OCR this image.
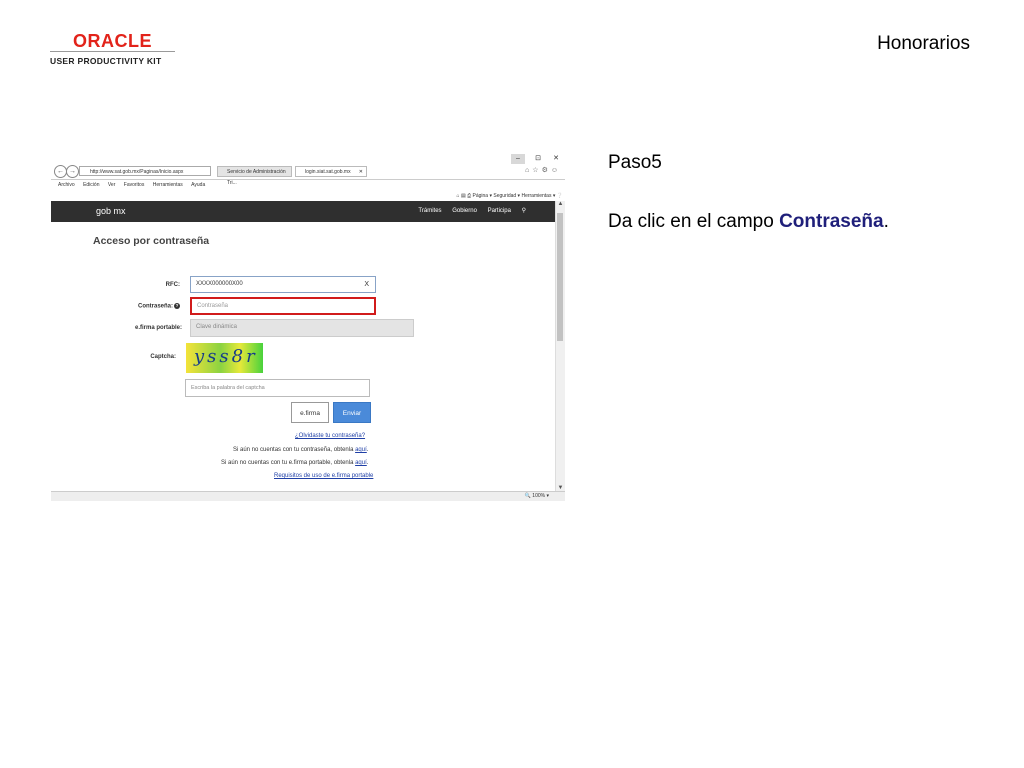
ORACLE
USER PRODUCTIVITY KIT
Honorarios
Paso5
Da clic en el campo Contraseña.
–	⊡ ✕
← →	http://www.sat.gob.mx/Paginas/Inicio.aspx	Servicio de Administración Tri...
login.siat.sat.gob.mx ✕	⌂☆⚙☺
Archivo Edición Ver Favoritos Herramientas Ayuda
⌂ ▤ ⎙ Página ▾ Seguridad ▾ Herramientas ▾ ❔
gob mx	Trámites Gobierno Participa ⚲
Acceso por contraseña
RFC:	XXXX000000X00	X
Contraseña: ?	Contraseña
e.firma portable:	Clave dinámica
Captcha: yss8r
Escriba la palabra del captcha
e.firma	Enviar
¿Olvidaste tu contraseña?
Si aún no cuentas con tu contraseña, obtenla aquí.
Si aún no cuentas con tu e.firma portable, obtenla aquí.
Requisitos de uso de e.firma portable
▲
▼
🔍 100% ▾
